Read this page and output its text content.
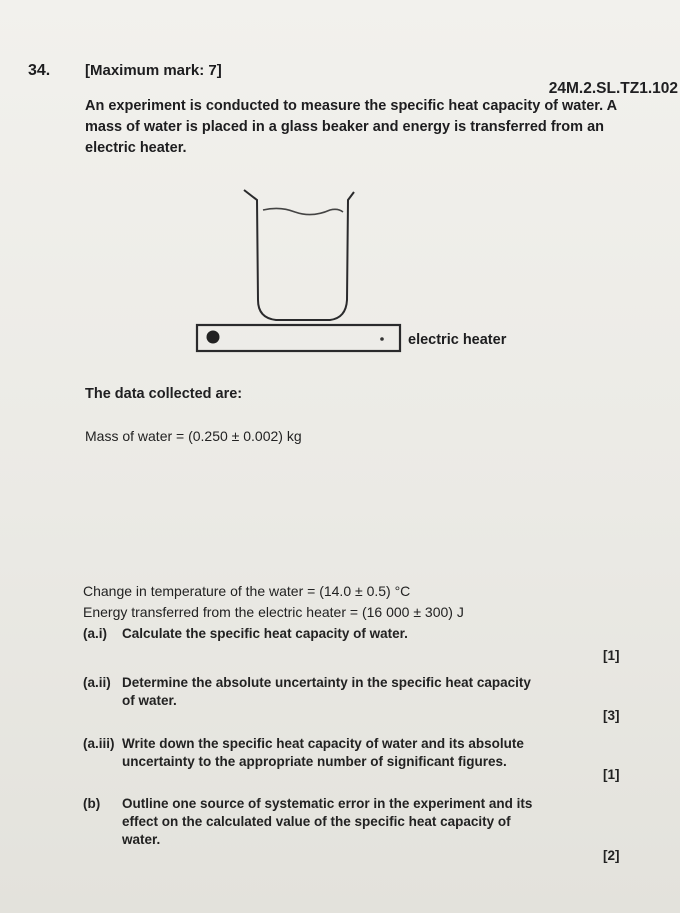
34. [Maximum mark: 7]
24M.2.SL.TZ1.102
An experiment is conducted to measure the specific heat capacity of water. A
mass of water is placed in a glass beaker and energy is transferred from an
electric heater.
electric heater
The data collected are:
Mass of water = (0.250 ± 0.002) kg
Change in temperature of the water = (14.0 ± 0.5) °C
Energy transferred from the electric heater = (16 000 ± 300) J
(a.i) Calculate the specific heat capacity of water.
[1]
(a.ii) Determine the absolute uncertainty in the specific heat capacity
of water.
[3]
(a.iii) Write down the specific heat capacity of water and its absolute
uncertainty to the appropriate number of significant figures.
[1]
(b) Outline one source of systematic error in the experiment and its
effect on the calculated value of the specific heat capacity of
water.
[2]
